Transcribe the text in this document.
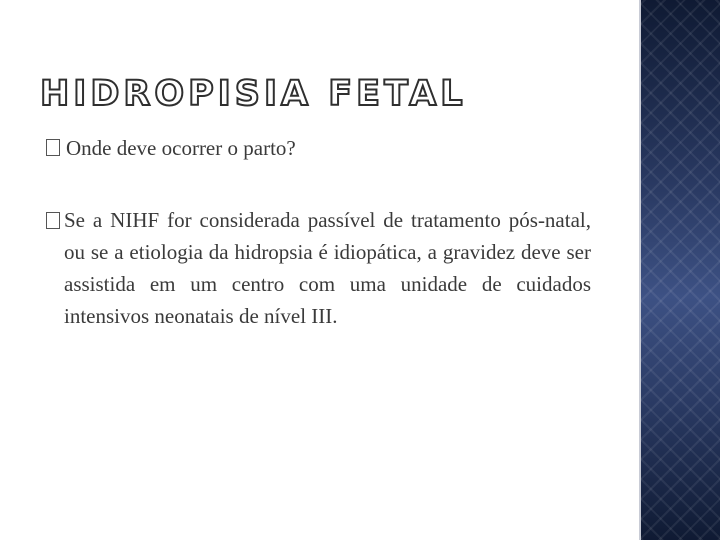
HIDROPISIA FETAL
Onde deve ocorrer o parto?
Se a NIHF for considerada passível de tratamento pós-natal, ou se a etiologia da hidropsia é idiopática, a gravidez deve ser assistida em um centro com uma unidade de cuidados intensivos neonatais de nível III.
